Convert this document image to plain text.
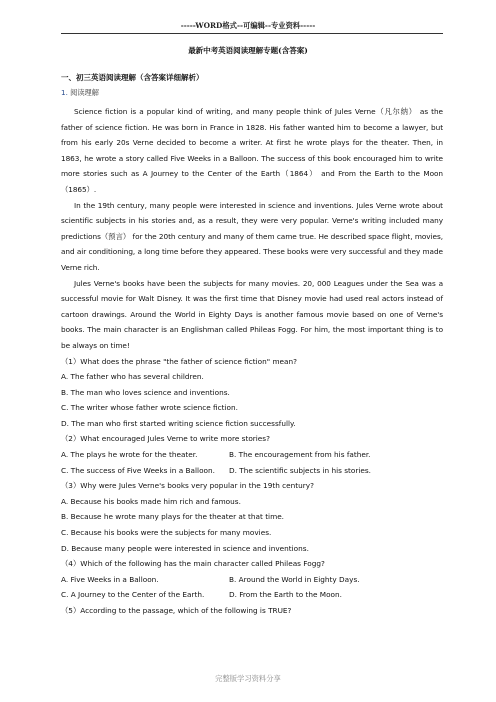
-----WORD格式--可编辑--专业资料-----
最新中考英语阅读理解专题(含答案)
一、初三英语阅读理解（含答案详细解析）
1. 阅读理解

Science fiction is a popular kind of writing, and many people think of Jules Verne（凡尔纳） as the father of science fiction. He was born in France in 1828. His father wanted him to become a lawyer, but from his early 20s Verne decided to become a writer. At first he wrote plays for the theater. Then, in 1863, he wrote a story called Five Weeks in a Balloon. The success of this book encouraged him to write more stories such as A Journey to the Center of the Earth（1864） and From the Earth to the Moon（1865）.

In the 19th century, many people were interested in science and inventions. Jules Verne wrote about scientific subjects in his stories and, as a result, they were very popular. Verne's writing included many predictions（预言） for the 20th century and many of them came true. He described space flight, movies, and air conditioning, a long time before they appeared. These books were very successful and they made Verne rich.

Jules Verne's books have been the subjects for many movies. 20, 000 Leagues under the Sea was a successful movie for Walt Disney. It was the first time that Disney movie had used real actors instead of cartoon drawings. Around the World in Eighty Days is another famous movie based on one of Verne's books. The main character is an Englishman called Phileas Fogg. For him, the most important thing is to be always on time!

（1）What does the phrase "the father of science fiction" mean?

A. The father who has several children.

B. The man who loves science and inventions.

C. The writer whose father wrote science fiction.

D. The man who first started writing science fiction successfully.

（2）What encouraged Jules Verne to write more stories?

A. The plays he wrote for the theater.	B. The encouragement from his father.
C. The success of Five Weeks in a Balloon.	D. The scientific subjects in his stories.

（3）Why were Jules Verne's books very popular in the 19th century?

A. Because his books made him rich and famous.

B. Because he wrote many plays for the theater at that time.

C. Because his books were the subjects for many movies.

D. Because many people were interested in science and inventions.

（4）Which of the following has the main character called Phileas Fogg?

A. Five Weeks in a Balloon.	B. Around the World in Eighty Days.
C. A Journey to the Center of the Earth.	D. From the Earth to the Moon.

（5）According to the passage, which of the following is TRUE?

完整版学习资料分享
